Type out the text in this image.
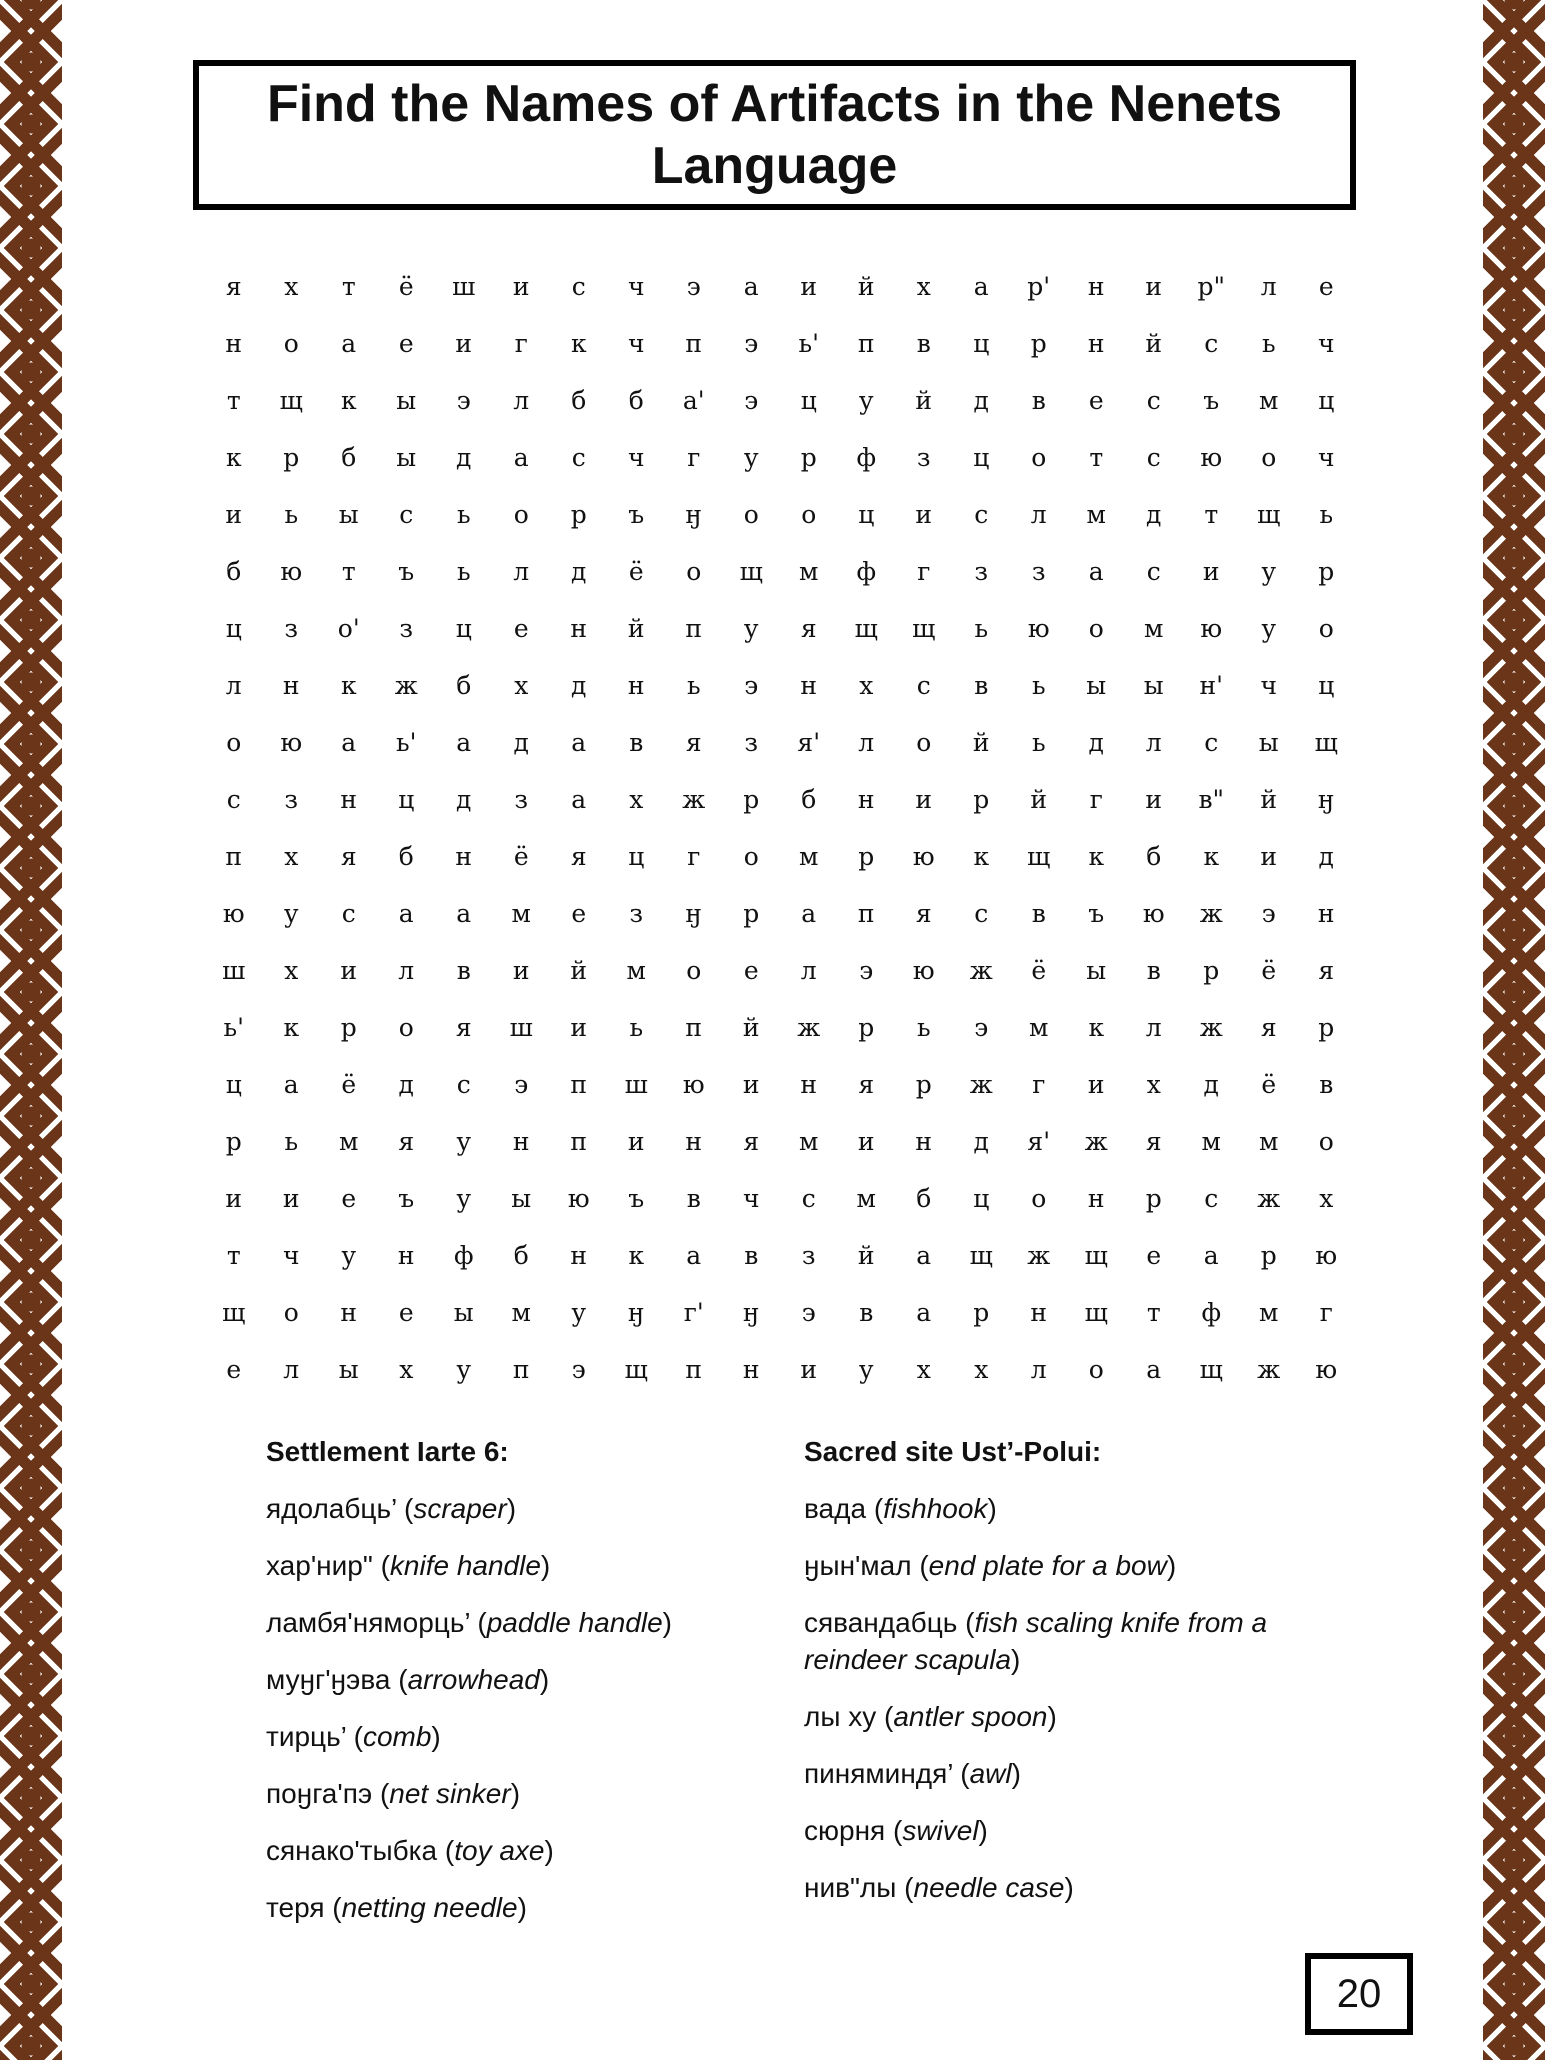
Find the Names of Artifacts in the Nenets Language
я	х	т	ё	ш	и	с	ч	э	а	и	й	х	а	р'	н	и	р"	л	е
н	о	а	е	и	г	к	ч	п	э	ь'	п	в	ц	р	н	й	с	ь	ч
т	щ	к	ы	э	л	б	б	а'	э	ц	у	й	д	в	е	с	ъ	м	ц
к	р	б	ы	д	а	с	ч	г	у	р	ф	з	ц	о	т	с	ю	о	ч
и	ь	ы	с	ь	о	р	ъ	ӈ	о	о	ц	и	с	л	м	д	т	щ	ь
б	ю	т	ъ	ь	л	д	ё	о	щ	м	ф	г	з	з	а	с	и	у	р
ц	з	о'	з	ц	е	н	й	п	у	я	щ	щ	ь	ю	о	м	ю	у	о
л	н	к	ж	б	х	д	н	ь	э	н	х	с	в	ь	ы	ы	н'	ч	ц
о	ю	а	ь'	а	д	а	в	я	з	я'	л	о	й	ь	д	л	с	ы	щ
с	з	н	ц	д	з	а	х	ж	р	б	н	и	р	й	г	и	в"	й	ӈ
п	х	я	б	н	ё	я	ц	г	о	м	р	ю	к	щ	к	б	к	и	д
ю	у	с	а	а	м	е	з	ӈ	р	а	п	я	с	в	ъ	ю	ж	э	н
ш	х	и	л	в	и	й	м	о	е	л	э	ю	ж	ё	ы	в	р	ё	я
ь'	к	р	о	я	ш	и	ь	п	й	ж	р	ь	э	м	к	л	ж	я	р
ц	а	ё	д	с	э	п	ш	ю	и	н	я	р	ж	г	и	х	д	ё	в
р	ь	м	я	у	н	п	и	н	я	м	и	н	д	я'	ж	я	м	м	о
и	и	е	ъ	у	ы	ю	ъ	в	ч	с	м	б	ц	о	н	р	с	ж	х
т	ч	у	н	ф	б	н	к	а	в	з	й	а	щ	ж	щ	е	а	р	ю
щ	о	н	е	ы	м	у	ӈ	г'	ӈ	э	в	а	р	н	щ	т	ф	м	г
е	л	ы	х	у	п	э	щ	п	н	и	у	х	х	л	о	а	щ	ж	ю
Settlement Iarte 6:
ядолабць’ (scraper)
хар'нир" (knife handle)
ламбя'няморць’ (paddle handle)
муӈг'ӈэва (arrowhead)
тирць’ (comb)
поӈга'пэ (net sinker)
сянако'тыбка (toy axe)
теря (netting needle)
Sacred site Ust’-Polui:
вада (fishhook)
ӈын'мал (end plate for a bow)
сявандабць (fish scaling knife from a reindeer scapula)
лы ху (antler spoon)
пиняминдя’ (awl)
сюрня (swivel)
нив"лы (needle case)
20
